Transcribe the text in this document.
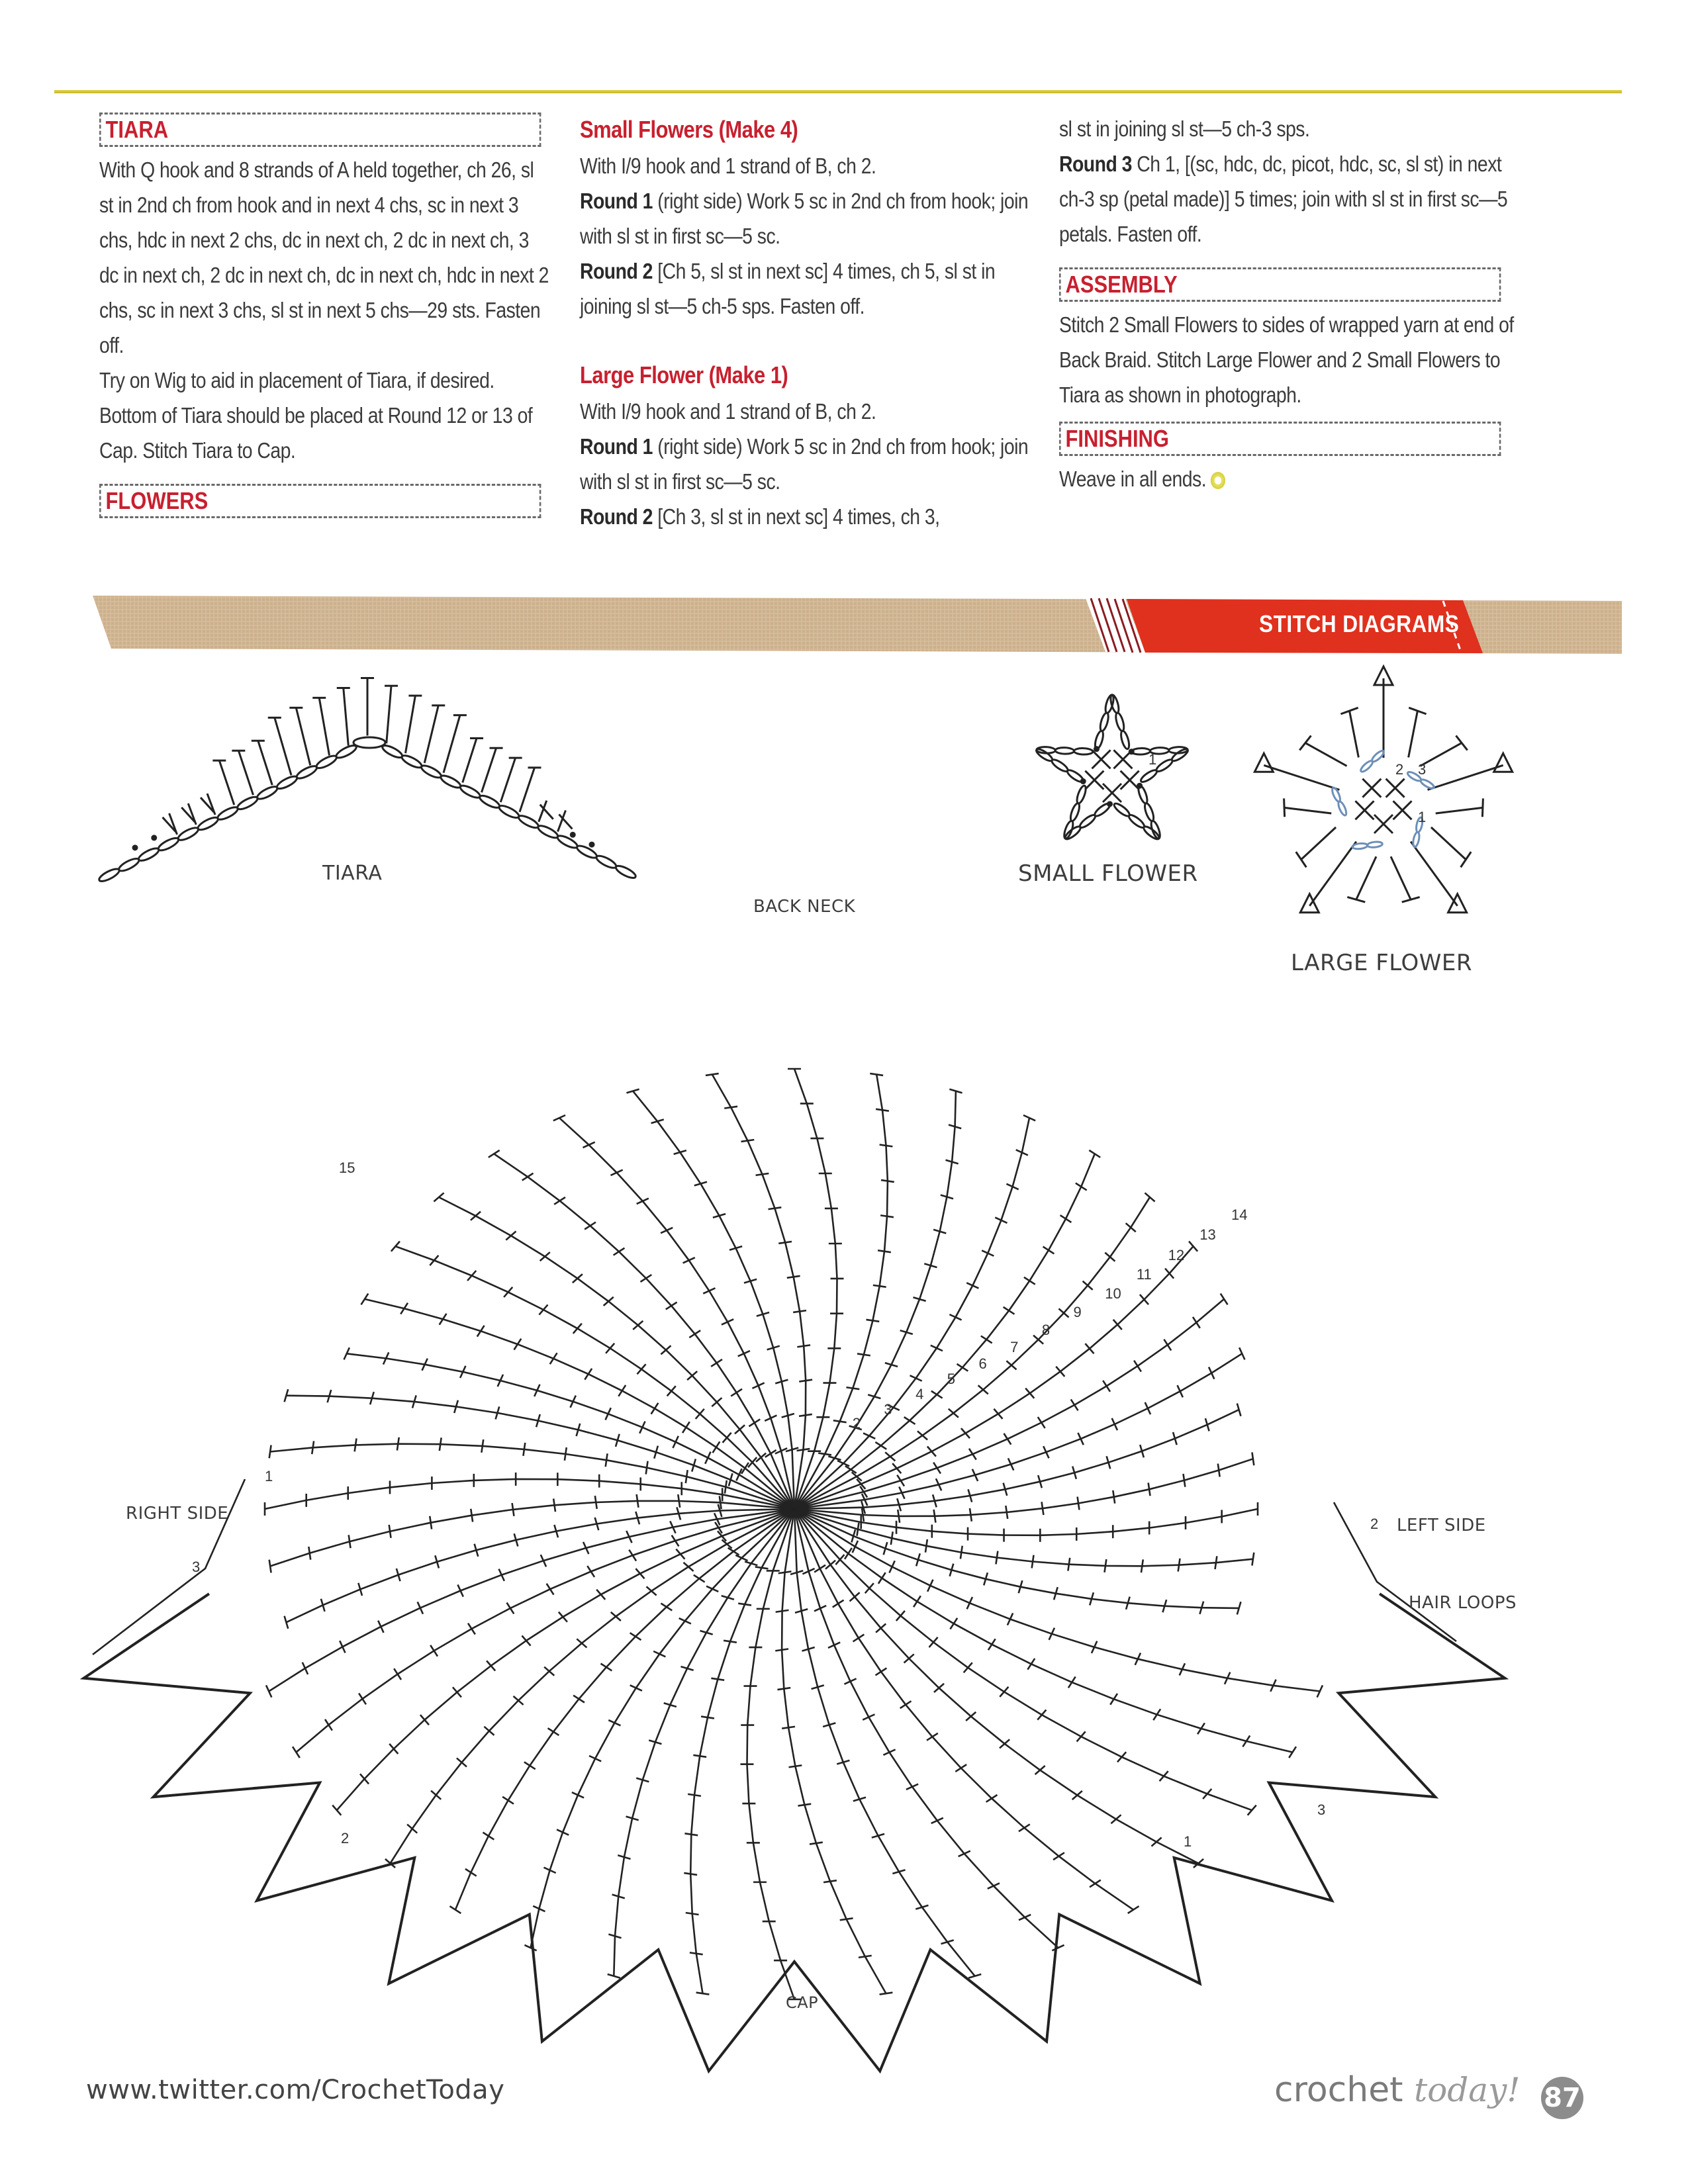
TIARA

With Q hook and 8 strands of A held together, ch 26, sl st in 2nd ch from hook and in next 4 chs, sc in next 3 chs, hdc in next 2 chs, dc in next ch, 2 dc in next ch, 3 dc in next ch, 2 dc in next ch, dc in next ch, hdc in next 2 chs, sc in next 3 chs, sl st in next 5 chs—29 sts. Fasten off.

Try on Wig to aid in placement of Tiara, if desired. Bottom of Tiara should be placed at Round 12 or 13 of Cap. Stitch Tiara to Cap.

FLOWERS
Small Flowers (Make 4)

With I/9 hook and 1 strand of B, ch 2.

Round 1 (right side) Work 5 sc in 2nd ch from hook; join with sl st in first sc—5 sc.

Round 2 [Ch 5, sl st in next sc] 4 times, ch 5, sl st in joining sl st—5 ch-5 sps. Fasten off.

Large Flower (Make 1)

With I/9 hook and 1 strand of B, ch 2.

Round 1 (right side) Work 5 sc in 2nd ch from hook; join with sl st in first sc—5 sc.

Round 2 [Ch 3, sl st in next sc] 4 times, ch 3,

sl st in joining sl st—5 ch-3 sps.

Round 3 Ch 1, [(sc, hdc, dc, picot, hdc, sc, sl st) in next ch-3 sp (petal made)] 5 times; join with sl st in first sc—5 petals. Fasten off.

ASSEMBLY

Stitch 2 Small Flowers to sides of wrapped yarn at end of Back Braid. Stitch Large Flower and 2 Small Flowers to Tiara as shown in photograph.

FINISHING

Weave in all ends.

STITCH DIAGRAMS
TIARA	SMALL FLOWER
1
LARGE FLOWER
1
2 3
BACK NECK
CAP
RIGHT SIDE
LEFT SIDE
HAIR LOOPS
1
3
2
2	1
3
15
2
3
4
5
6
7
8
9
10
11
12
13
14
www.twitter.com/CrochetToday	crochet today! 87
